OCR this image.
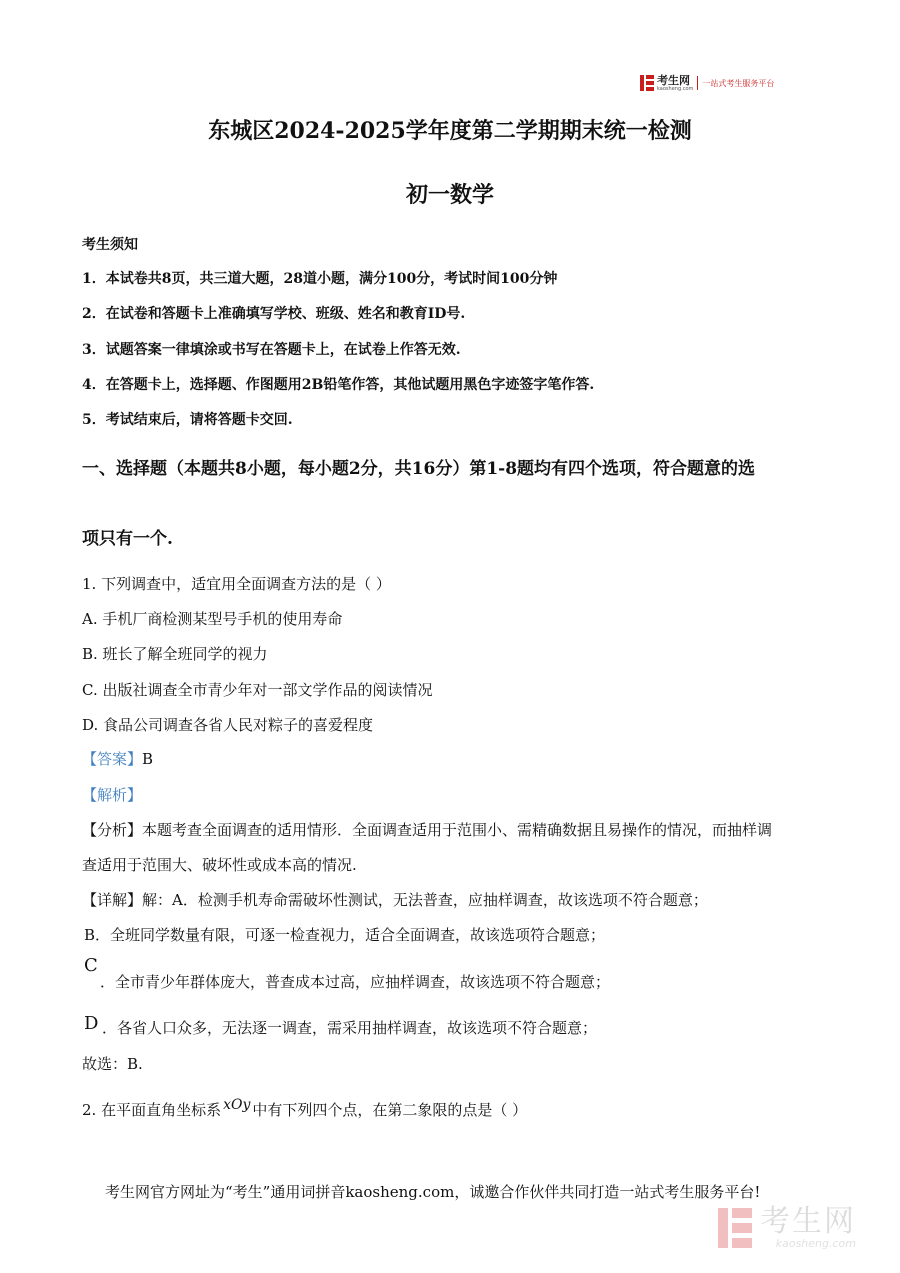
考生网
kaosheng.com
一站式考生服务平台
东城区2024-2025学年度第二学期期末统一检测
初一数学
考生须知
1．本试卷共8页，共三道大题，28道小题，满分100分，考试时间100分钟
2．在试卷和答题卡上准确填写学校、班级、姓名和教育ID号.
3．试题答案一律填涂或书写在答题卡上，在试卷上作答无效.
4．在答题卡上，选择题、作图题用2B铅笔作答，其他试题用黑色字迹签字笔作答.
5．考试结束后，请将答题卡交回.
一、选择题（本题共8小题，每小题2分，共16分）第1-8题均有四个选项，符合题意的选
项只有一个.
1. 下列调查中，适宜用全面调查方法的是（ ）
A. 手机厂商检测某型号手机的使用寿命
B. 班长了解全班同学的视力
C. 出版社调查全市青少年对一部文学作品的阅读情况
D. 食品公司调查各省人民对粽子的喜爱程度
【答案】B
【解析】
【分析】本题考查全面调查的适用情形．全面调查适用于范围小、需精确数据且易操作的情况，而抽样调
查适用于范围大、破坏性或成本高的情况.
【详解】解：A．检测手机寿命需破坏性测试，无法普查，应抽样调查，故该选项不符合题意；
B．全班同学数量有限，可逐一检查视力，适合全面调查，故该选项符合题意；
C
．全市青少年群体庞大，普查成本过高，应抽样调查，故该选项不符合题意；
D ．各省人口众多，无法逐一调查，需采用抽样调查，故该选项不符合题意；
故选：B.
2. 在平面直角坐标系 xOy 中有下列四个点，在第二象限的点是（ ）
考生网官方网址为“考生”通用词拼音kaosheng.com，诚邀合作伙伴共同打造一站式考生服务平台!
考生网
kaosheng.com
